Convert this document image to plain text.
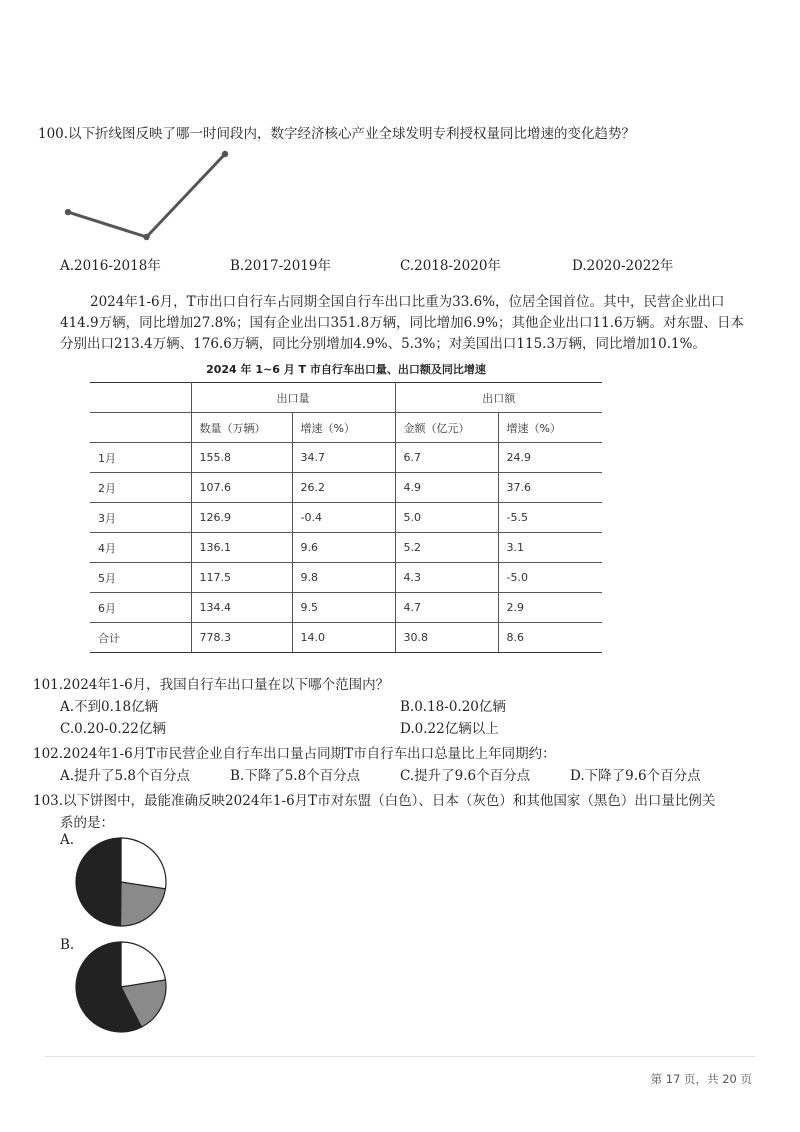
100.以下折线图反映了哪一时间段内，数字经济核心产业全球发明专利授权量同比增速的变化趋势？
A.2016-2018年	B.2017-2019年	C.2018-2020年	D.2020-2022年
2024年1-6月，T市出口自行车占同期全国自行车出口比重为33.6%，位居全国首位。其中，民营企业出口
414.9万辆，同比增加27.8%；国有企业出口351.8万辆，同比增加6.9%；其他企业出口11.6万辆。对东盟、日本
分别出口213.4万辆、176.6万辆，同比分别增加4.9%、5.3%；对美国出口115.3万辆，同比增加10.1%。
2024 年 1~6 月 T 市自行车出口量、出口额及同比增速
	出口量		出口额	
	数量（万辆）	增速（%）	金额（亿元）	增速（%）
1月	155.8	34.7	6.7	24.9
2月	107.6	26.2	4.9	37.6
3月	126.9	-0.4	5.0	-5.5
4月	136.1	9.6	5.2	3.1
5月	117.5	9.8	4.3	-5.0
6月	134.4	9.5	4.7	2.9
合计	778.3	14.0	30.8	8.6
101.2024年1-6月，我国自行车出口量在以下哪个范围内？
A.不到0.18亿辆	B.0.18-0.20亿辆
C.0.20-0.22亿辆	D.0.22亿辆以上
102.2024年1-6月T市民营企业自行车出口量占同期T市自行车出口总量比上年同期约：
A.提升了5.8个百分点	B.下降了5.8个百分点	C.提升了9.6个百分点	D.下降了9.6个百分点
103.以下饼图中，最能准确反映2024年1-6月T市对东盟（白色）、日本（灰色）和其他国家（黑色）出口量比例关
系的是：
A.
B.
第 17 页，共 20 页
